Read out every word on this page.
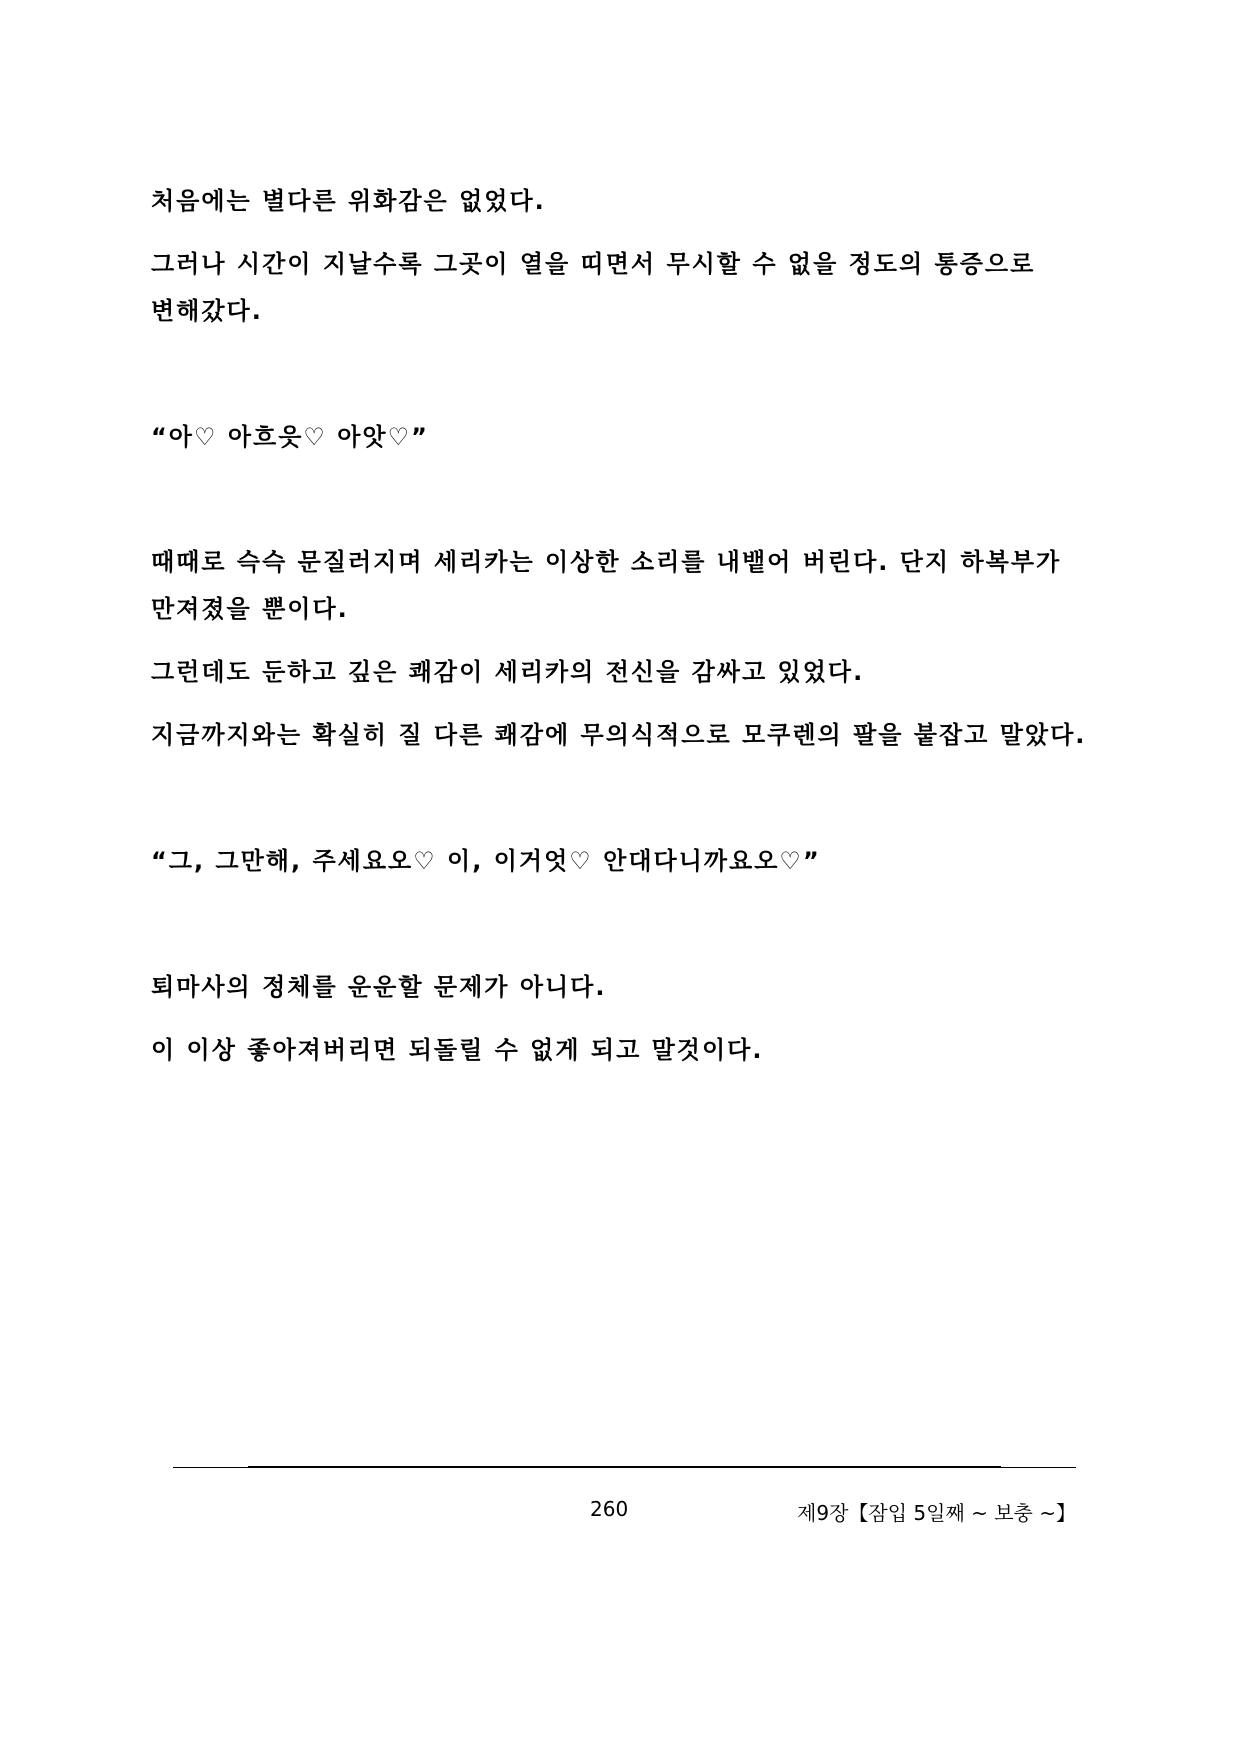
처음에는 별다른 위화감은 없었다.
그러나 시간이 지날수록 그곳이 열을 띠면서 무시할 수 없을 정도의 통증으로
변해갔다.
“아♡ 아흐읏♡ 아앗♡”
때때로 슥슥 문질러지며 세리카는 이상한 소리를 내뱉어 버린다. 단지 하복부가
만져졌을 뿐이다.
그런데도 둔하고 깊은 쾌감이 세리카의 전신을 감싸고 있었다.
지금까지와는 확실히 질 다른 쾌감에 무의식적으로 모쿠렌의 팔을 붙잡고 말았다.
“그, 그만해, 주세요오♡ 이, 이거엇♡ 안대다니까요오♡”
퇴마사의 정체를 운운할 문제가 아니다.
이 이상 좋아져버리면 되돌릴 수 없게 되고 말것이다.
260	제9장【잠입 5일째 ~ 보충 ~】
